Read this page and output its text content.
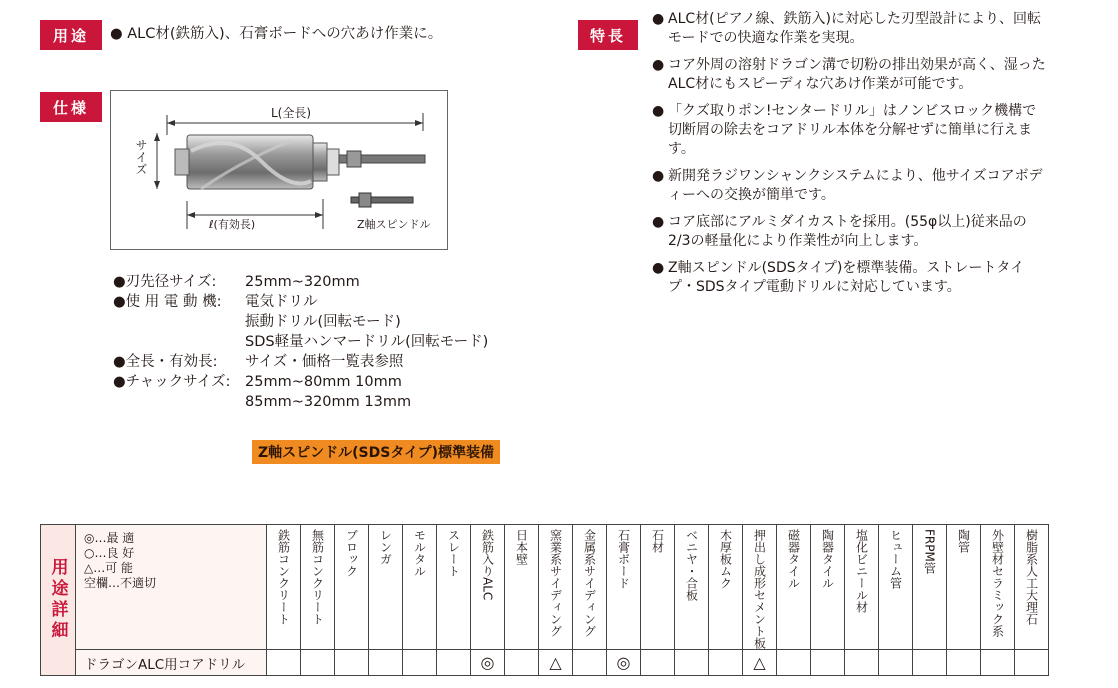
用途	● ALC材(鉄筋入)、石膏ボードへの穴あけ作業に。
仕様	L(全長)
サイズ
ℓ(有効長)	Z軸スピンドル
●刃先径サイズ:	25mm~320mm
●使 用 電 動 機:	電気ドリル
振動ドリル(回転モード)
SDS軽量ハンマードリル(回転モード)
●全長・有効長:	サイズ・価格一覧表参照
●チャックサイズ:	25mm~80mm 10mm
85mm~320mm 13mm
Z軸スピンドル(SDSタイプ)標準装備
特長
● ALC材(ピアノ線、鉄筋入)に対応した刃型設計により、回転モードでの快適な作業を実現。
● コア外周の溶射ドラゴン溝で切粉の排出効果が高く、湿ったALC材にもスピーディな穴あけ作業が可能です。
● 「クズ取りポン!センタードリル」はノンビスロック機構で切断屑の除去をコアドリル本体を分解せずに簡単に行えます。
● 新開発ラジワンシャンクシステムにより、他サイズコアボディーへの交換が簡単です。
● コア底部にアルミダイカストを採用。(55φ以上)従来品の2/3の軽量化により作業性が向上します。
● Z軸スピンドル(SDSタイプ)を標準装備。ストレートタイプ・SDSタイプ電動ドリルに対応しています。
用途詳細	◎…最 適
○…良 好
△…可 能
空欄…不適切	鉄筋コンクリート	無筋コンクリート	ブロック	レンガ	モルタル	スレート	鉄筋入りALC	日本壁	窯業系サイディング	金属系サイディング	石膏ボード	石材	ベニヤ・合板	木厚板ムク	押出し成形セメント板	磁器タイル	陶器タイル	塩化ビニール材	ヒューム管	FRPM管	陶管	外壁材セラミック系	樹脂系人工大理石

	ドラゴンALC用コアドリル							◎		△		◎				△								
